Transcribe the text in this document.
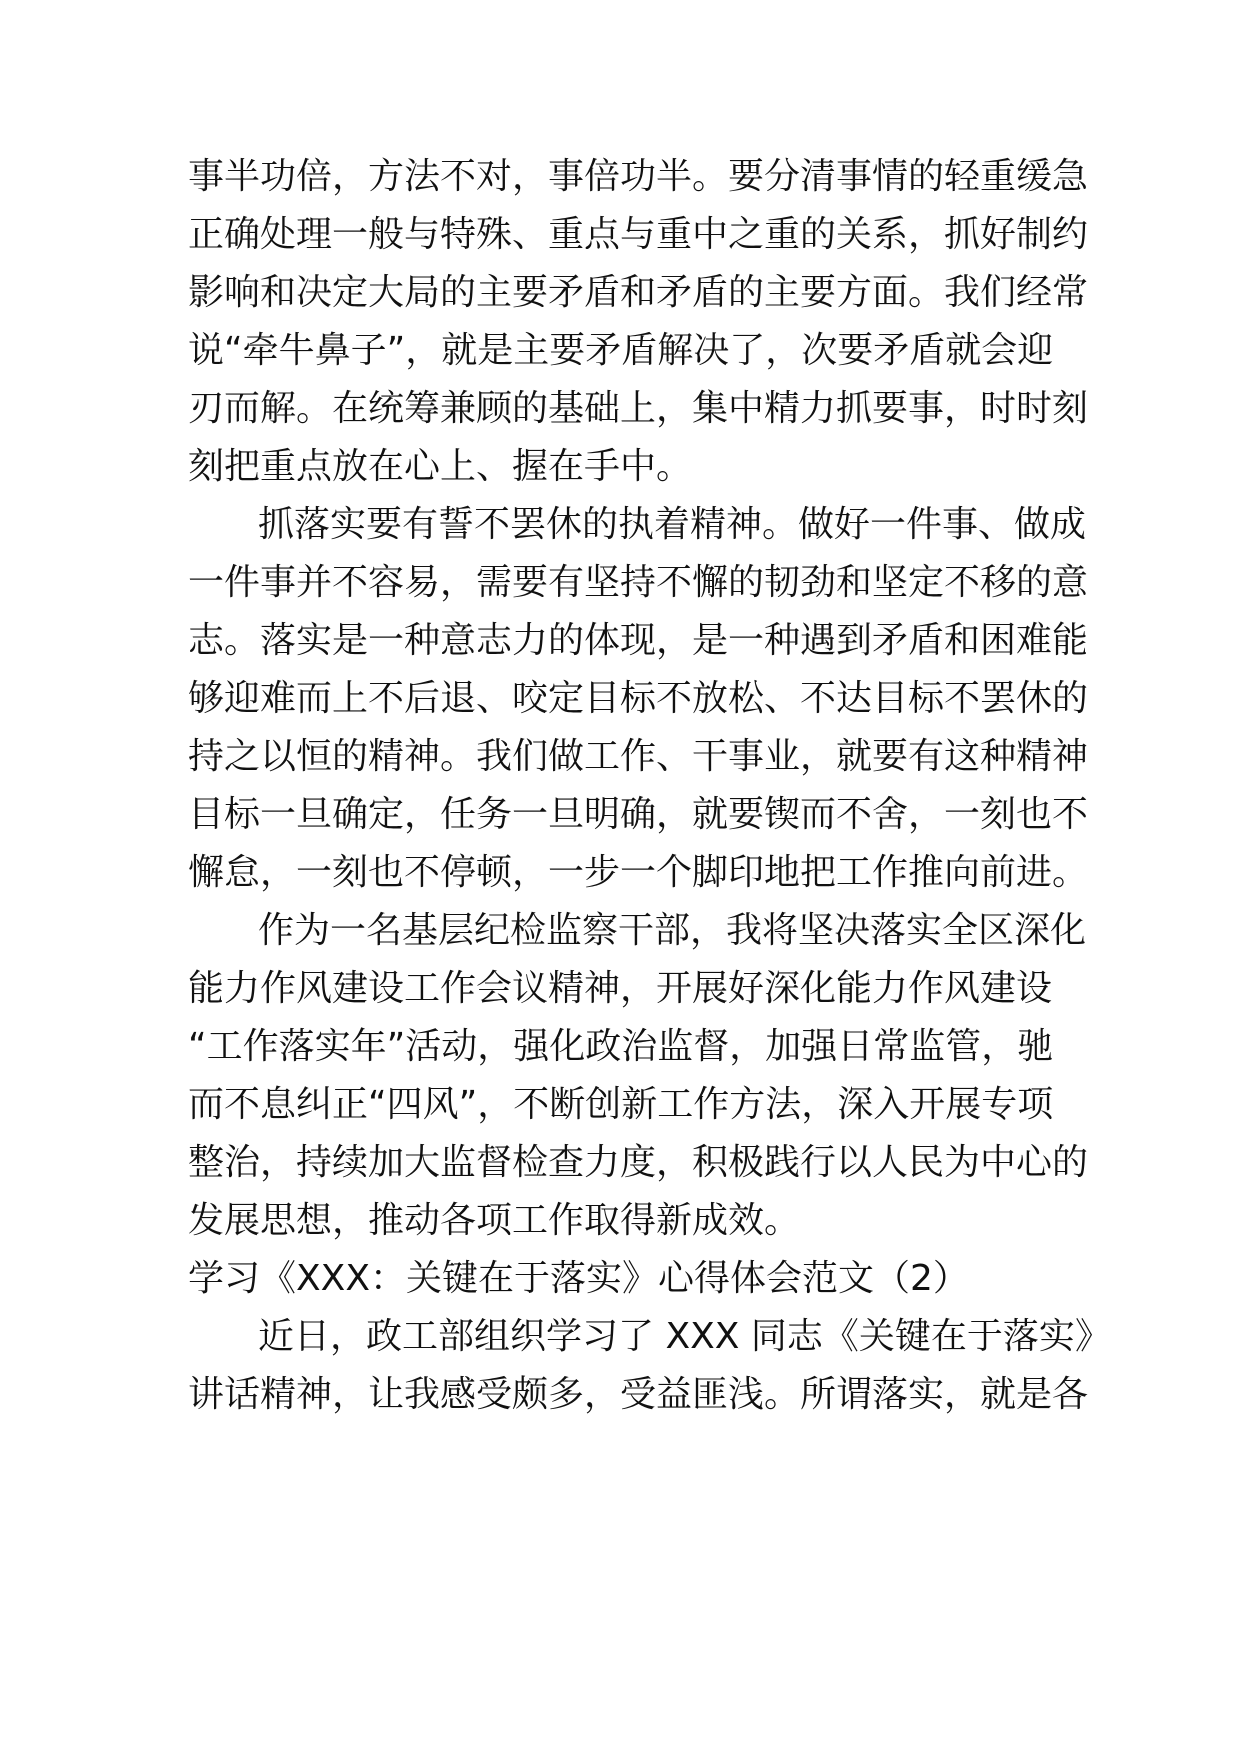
事半功倍，方法不对，事倍功半。要分清事情的轻重缓急
正确处理一般与特殊、重点与重中之重的关系，抓好制约
影响和决定大局的主要矛盾和矛盾的主要方面。我们经常
说“牵牛鼻子”，就是主要矛盾解决了，次要矛盾就会迎
刃而解。在统筹兼顾的基础上，集中精力抓要事，时时刻
刻把重点放在心上、握在手中。
抓落实要有誓不罢休的执着精神。做好一件事、做成
一件事并不容易，需要有坚持不懈的韧劲和坚定不移的意
志。落实是一种意志力的体现，是一种遇到矛盾和困难能
够迎难而上不后退、咬定目标不放松、不达目标不罢休的
持之以恒的精神。我们做工作、干事业，就要有这种精神
目标一旦确定，任务一旦明确，就要锲而不舍，一刻也不
懈怠，一刻也不停顿，一步一个脚印地把工作推向前进。
作为一名基层纪检监察干部，我将坚决落实全区深化
能力作风建设工作会议精神，开展好深化能力作风建设
“工作落实年”活动，强化政治监督，加强日常监管，驰
而不息纠正“四风”，不断创新工作方法，深入开展专项
整治，持续加大监督检查力度，积极践行以人民为中心的
发展思想，推动各项工作取得新成效。
学习《XXX：关键在于落实》心得体会范文（2）
近日，政工部组织学习了 XXX 同志《关键在于落实》
讲话精神，让我感受颇多，受益匪浅。所谓落实，就是各
